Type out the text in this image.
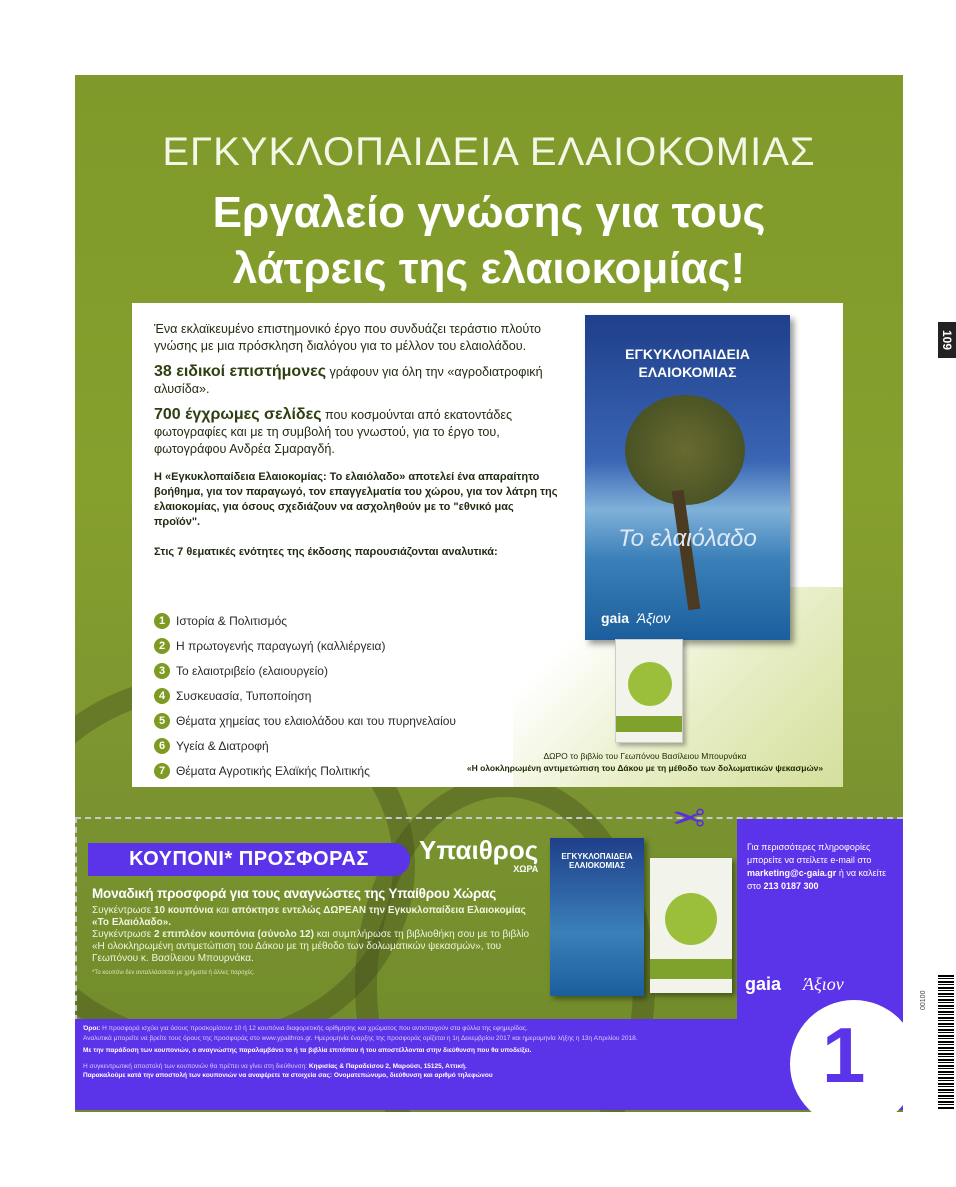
ΕΓΚΥΚΛΟΠΑΙΔΕΙΑ ΕΛΑΙΟΚΟΜΙΑΣ
Εργαλείο γνώσης για τους
λάτρεις της ελαιοκομίας!

Ένα εκλαϊκευμένο επιστημονικό έργο που συνδυάζει τεράστιο πλούτο γνώσης με μια πρόσκληση διαλόγου για το μέλλον του ελαιολάδου.

38 ειδικοί επιστήμονες γράφουν για όλη την «αγροδιατροφική αλυσίδα».

700 έγχρωμες σελίδες που κοσμούνται από εκατοντάδες φωτογραφίες και με τη συμβολή του γνωστού, για το έργο του, φωτογράφου Ανδρέα Σμαραγδή.

Η «Εγκυκλοπαίδεια Ελαιοκομίας: Το ελαιόλαδο» αποτελεί ένα απαραίτητο βοήθημα, για τον παραγωγό, τον επαγγελματία του χώρου, για τον λάτρη της ελαιοκομίας, για όσους σχεδιάζουν να ασχοληθούν με το "εθνικό μας προϊόν".

Στις 7 θεματικές ενότητες της έκδοσης παρουσιάζονται αναλυτικά:

1 Ιστορία & Πολιτισμός
2 Η πρωτογενής παραγωγή (καλλιέργεια)
3 Το ελαιοτριβείο (ελαιουργείο)
4 Συσκευασία, Τυποποίηση
5 Θέματα χημείας του ελαιολάδου και του πυρηνελαίου
6 Υγεία & Διατροφή
7 Θέματα Αγροτικής Ελαϊκής Πολιτικής
ΕΓΚΥΚΛΟΠΑΙΔΕΙΑ ΕΛΑΙΟΚΟΜΙΑΣ
Το ελαιόλαδο
gaia Άξιον
ΔΩΡΟ το βιβλίο του Γεωπόνου Βασίλειου Μπουρνάκα
«Η ολοκληρωμένη αντιμετώπιση του Δάκου με τη μέθοδο των δολωματικών ψεκασμών»
✂
ΚΟΥΠΟΝΙ* ΠΡΟΣΦΟΡΑΣ	Υπαιθρος
ΧΩΡΑ
Μοναδική προσφορά για τους αναγνώστες της Υπαίθρου Χώρας
Συγκέντρωσε 10 κουπόνια και απόκτησε εντελώς ΔΩΡΕΑΝ την Εγκυκλοπαίδεια Ελαιοκομίας «Το Ελαιόλαδο».
Συγκέντρωσε 2 επιπλέον κουπόνια (σύνολο 12) και συμπλήρωσε τη βιβλιοθήκη σου με το βιβλίο «Η ολοκληρωμένη αντιμετώπιση του Δάκου με τη μέθοδο των δολωματικών ψεκασμών», του Γεωπόνου κ. Βασίλειου Μπουρνάκα.
*Το κουπόνι δεν ανταλλάσσεται με χρήματα ή άλλες παροχές.
ΕΓΚΥΚΛΟΠΑΙΔΕΙΑ ΕΛΑΙΟΚΟΜΙΑΣ
Για περισσότερες πληροφορίες μπορείτε να στείλετε e-mail στο marketing@c-gaia.gr ή να καλείτε στο 213 0187 300
gaia Άξιον
Όροι: Η προσφορά ισχύει για όσους προσκομίσουν 10 ή 12 κουπόνια διαφορετικής αρίθμησης και χρώματος που αντιστοιχούν στα φύλλα της εφημερίδας.
Αναλυτικά μπορείτε να βρείτε τους όρους της προσφοράς στο www.ypaithros.gr. Ημερομηνία έναρξης της προσφοράς ορίζεται η 1η Δεκεμβρίου 2017 και ημερομηνία λήξης η 13η Απριλίου 2018.
Με την παράδοση των κουπονιών, ο αναγνώστης παραλαμβάνει το ή τα βιβλία επιτόπου ή του αποστέλλονται στην διεύθυνση που θα υποδείξει.
Η συγκεντρωτική αποστολή των κουπονιών θα πρέπει να γίνει στη διεύθυνση: Κηφισίας & Παραδείσου 2, Μαρούσι, 15125, Αττική.
Παρακαλούμε κατά την αποστολή των κουπονιών να αναφέρετε τα στοιχεία σας: Ονοματεπώνυμο, διεύθυνση και αριθμό τηλεφώνου	1
109
00100
